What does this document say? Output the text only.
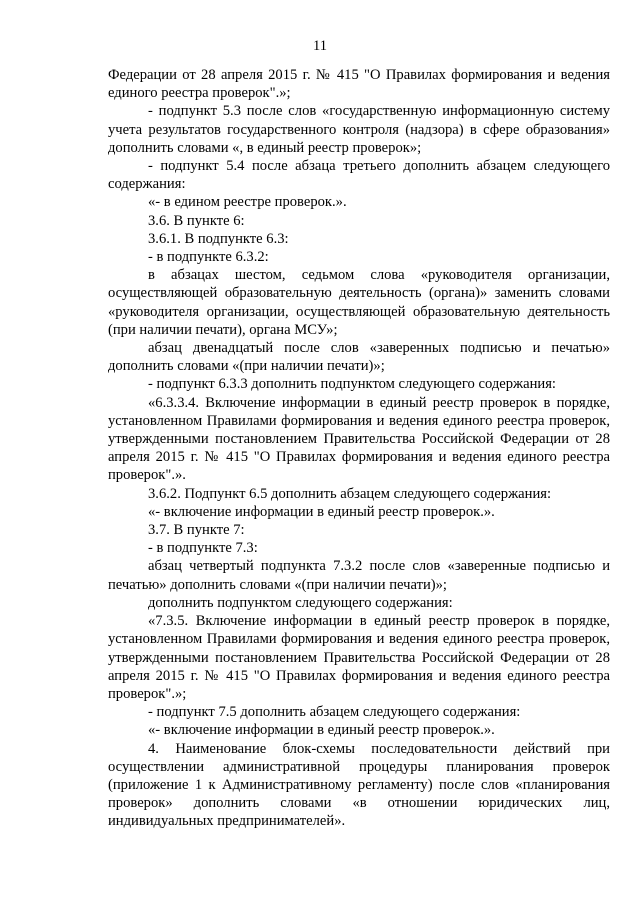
11

Федерации от 28 апреля 2015 г. № 415 "О Правилах формирования и ведения единого реестра проверок".»;

- подпункт 5.3 после слов «государственную информационную систему учета результатов государственного контроля (надзора) в сфере образования» дополнить словами «, в единый реестр проверок»;

- подпункт 5.4 после абзаца третьего дополнить абзацем следующего содержания:

«- в едином реестре проверок.».

3.6. В пункте 6:

3.6.1. В подпункте 6.3:

- в подпункте 6.3.2:

в абзацах шестом, седьмом слова «руководителя организации, осуществляющей образовательную деятельность (органа)» заменить словами «руководителя организации, осуществляющей образовательную деятельность (при наличии печати), органа МСУ»;

абзац двенадцатый после слов «заверенных подписью и печатью» дополнить словами «(при наличии печати)»;

- подпункт 6.3.3 дополнить подпунктом следующего содержания:

«6.3.3.4. Включение информации в единый реестр проверок в порядке, установленном Правилами формирования и ведения единого реестра проверок, утвержденными постановлением Правительства Российской Федерации от 28 апреля 2015 г. № 415 "О Правилах формирования и ведения единого реестра проверок".».

3.6.2. Подпункт 6.5 дополнить абзацем следующего содержания:

«- включение информации в единый реестр проверок.».

3.7. В пункте 7:

- в подпункте 7.3:

абзац четвертый подпункта 7.3.2 после слов «заверенные подписью и печатью» дополнить словами «(при наличии печати)»;

дополнить подпунктом следующего содержания:

«7.3.5. Включение информации в единый реестр проверок в порядке, установленном Правилами формирования и ведения единого реестра проверок, утвержденными постановлением Правительства Российской Федерации от 28 апреля 2015 г. № 415 "О Правилах формирования и ведения единого реестра проверок".»;

- подпункт 7.5 дополнить абзацем следующего содержания:

«- включение информации в единый реестр проверок.».

4. Наименование блок-схемы последовательности действий при осуществлении административной процедуры планирования проверок (приложение 1 к Административному регламенту) после слов «планирования проверок» дополнить словами «в отношении юридических лиц, индивидуальных предпринимателей».
